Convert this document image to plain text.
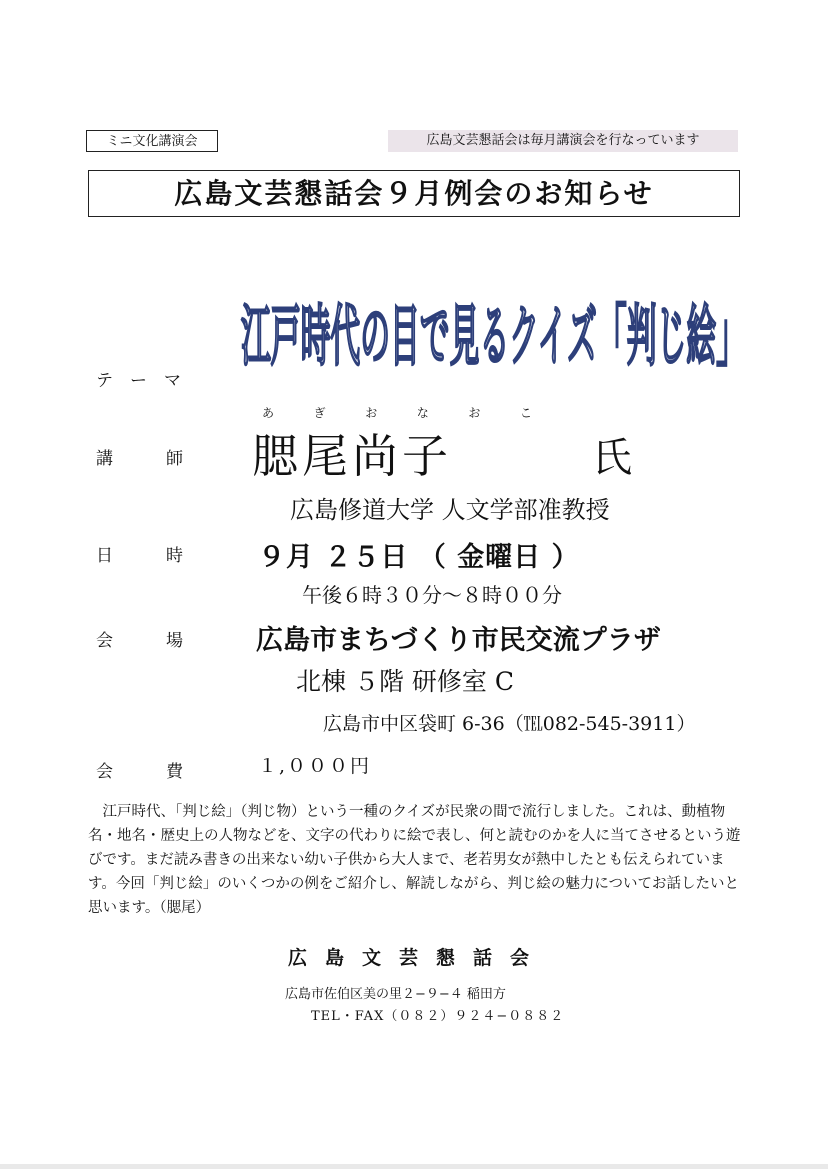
ミニ文化講演会	広島文芸懇話会は毎月講演会を行なっています
広島文芸懇話会９月例会のお知らせ
テ ー マ
江戸時代の目で見るクイズ「判じ絵」
講	師
あ	ぎ	お	な	お	こ
腮尾尚子	氏
広島修道大学 人文学部准教授
日	時	９月 ２５日 （ 金曜日 ）
午後６時３０分〜８時００分
会	場	広島市まちづくり市民交流プラザ
北棟 ５階 研修室 C
広島市中区袋町 6-36（℡082-545-3911）
会	費	１,０００円
江戸時代、「判じ絵」（判じ物）という一種のクイズが民衆の間で流行しました。これは、動植物名・地名・歴史上の人物などを、文字の代わりに絵で表し、何と読むのかを人に当てさせるという遊びです。まだ読み書きの出来ない幼い子供から大人まで、老若男女が熱中したとも伝えられています。今回「判じ絵」のいくつかの例をご紹介し、解読しながら、判じ絵の魅力についてお話したいと思います。（腮尾）
広島文芸懇話会
広島市佐伯区美の里２−９−４ 稲田方
TEL・FAX（０８２）９２４−０８８２
